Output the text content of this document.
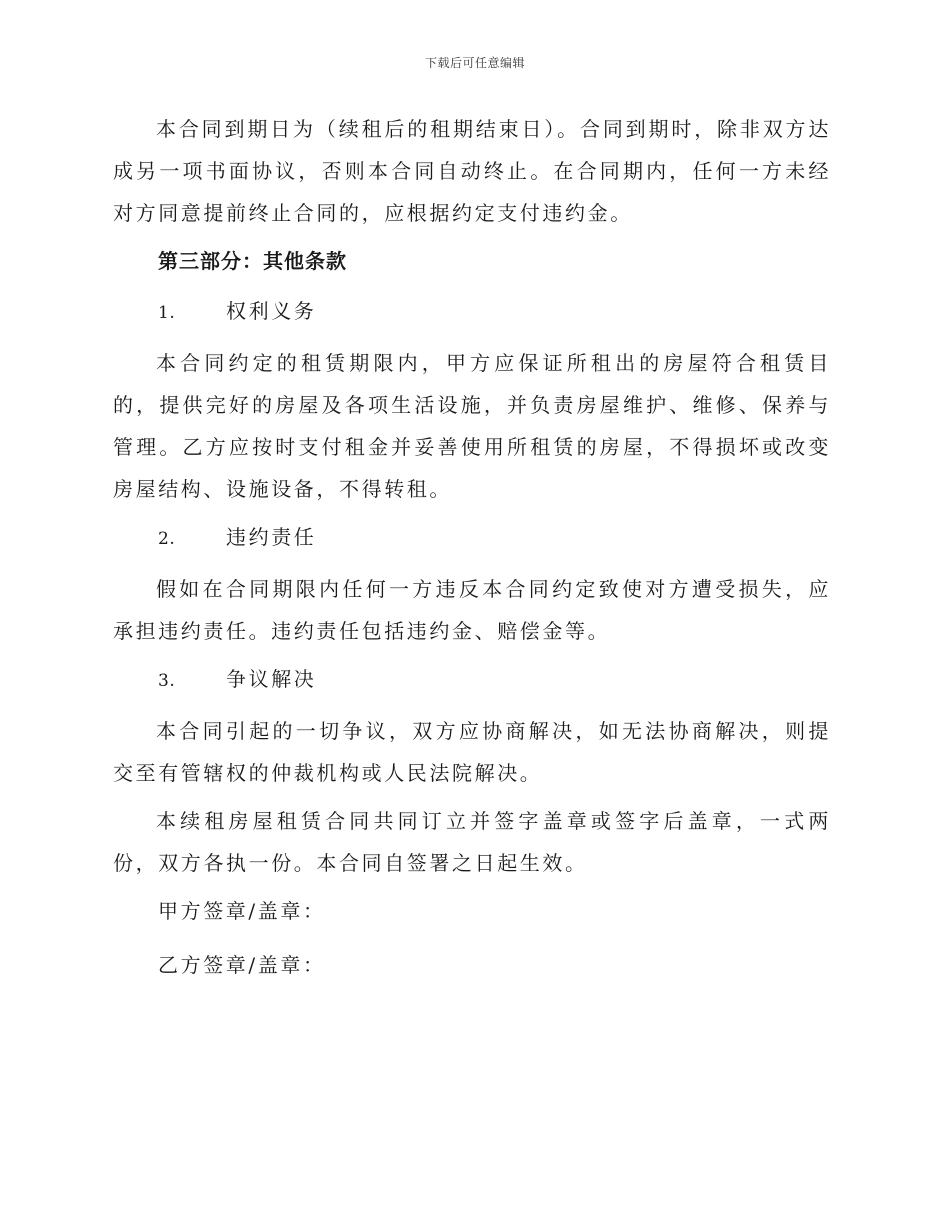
下载后可任意编辑

本合同到期日为（续租后的租期结束日）。合同到期时，除非双方达成另一项书面协议，否则本合同自动终止。在合同期内，任何一方未经对方同意提前终止合同的，应根据约定支付违约金。

第三部分：其他条款
1.	权利义务

本合同约定的租赁期限内，甲方应保证所租出的房屋符合租赁目的，提供完好的房屋及各项生活设施，并负责房屋维护、维修、保养与管理。乙方应按时支付租金并妥善使用所租赁的房屋，不得损坏或改变房屋结构、设施设备，不得转租。

2.	违约责任

假如在合同期限内任何一方违反本合同约定致使对方遭受损失，应承担违约责任。违约责任包括违约金、赔偿金等。

3.	争议解决

本合同引起的一切争议，双方应协商解决，如无法协商解决，则提交至有管辖权的仲裁机构或人民法院解决。

本续租房屋租赁合同共同订立并签字盖章或签字后盖章，一式两份，双方各执一份。本合同自签署之日起生效。

甲方签章/盖章：
乙方签章/盖章：
